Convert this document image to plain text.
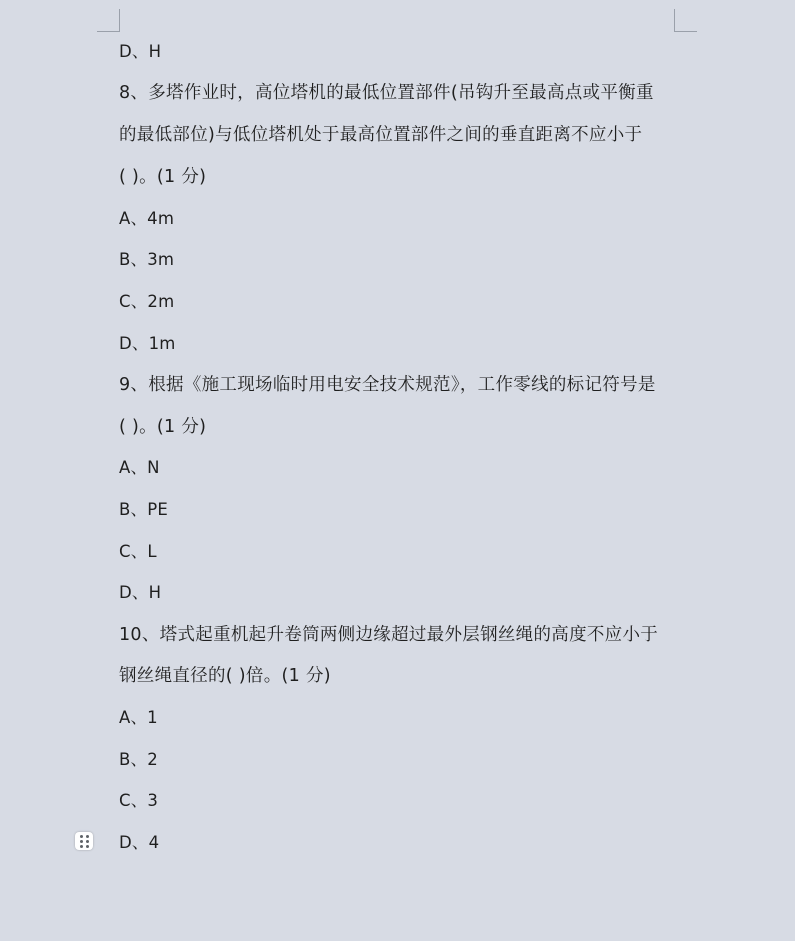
D、H
8、多塔作业时，高位塔机的最低位置部件(吊钩升至最高点或平衡重
的最低部位)与低位塔机处于最高位置部件之间的垂直距离不应小于
( )。(1 分)
A、4m
B、3m
C、2m
D、1m
9、根据《施工现场临时用电安全技术规范》，工作零线的标记符号是
( )。(1 分)
A、N
B、PE
C、L
D、H
10、塔式起重机起升卷筒两侧边缘超过最外层钢丝绳的高度不应小于
钢丝绳直径的( )倍。(1 分)
A、1
B、2
C、3
D、4
